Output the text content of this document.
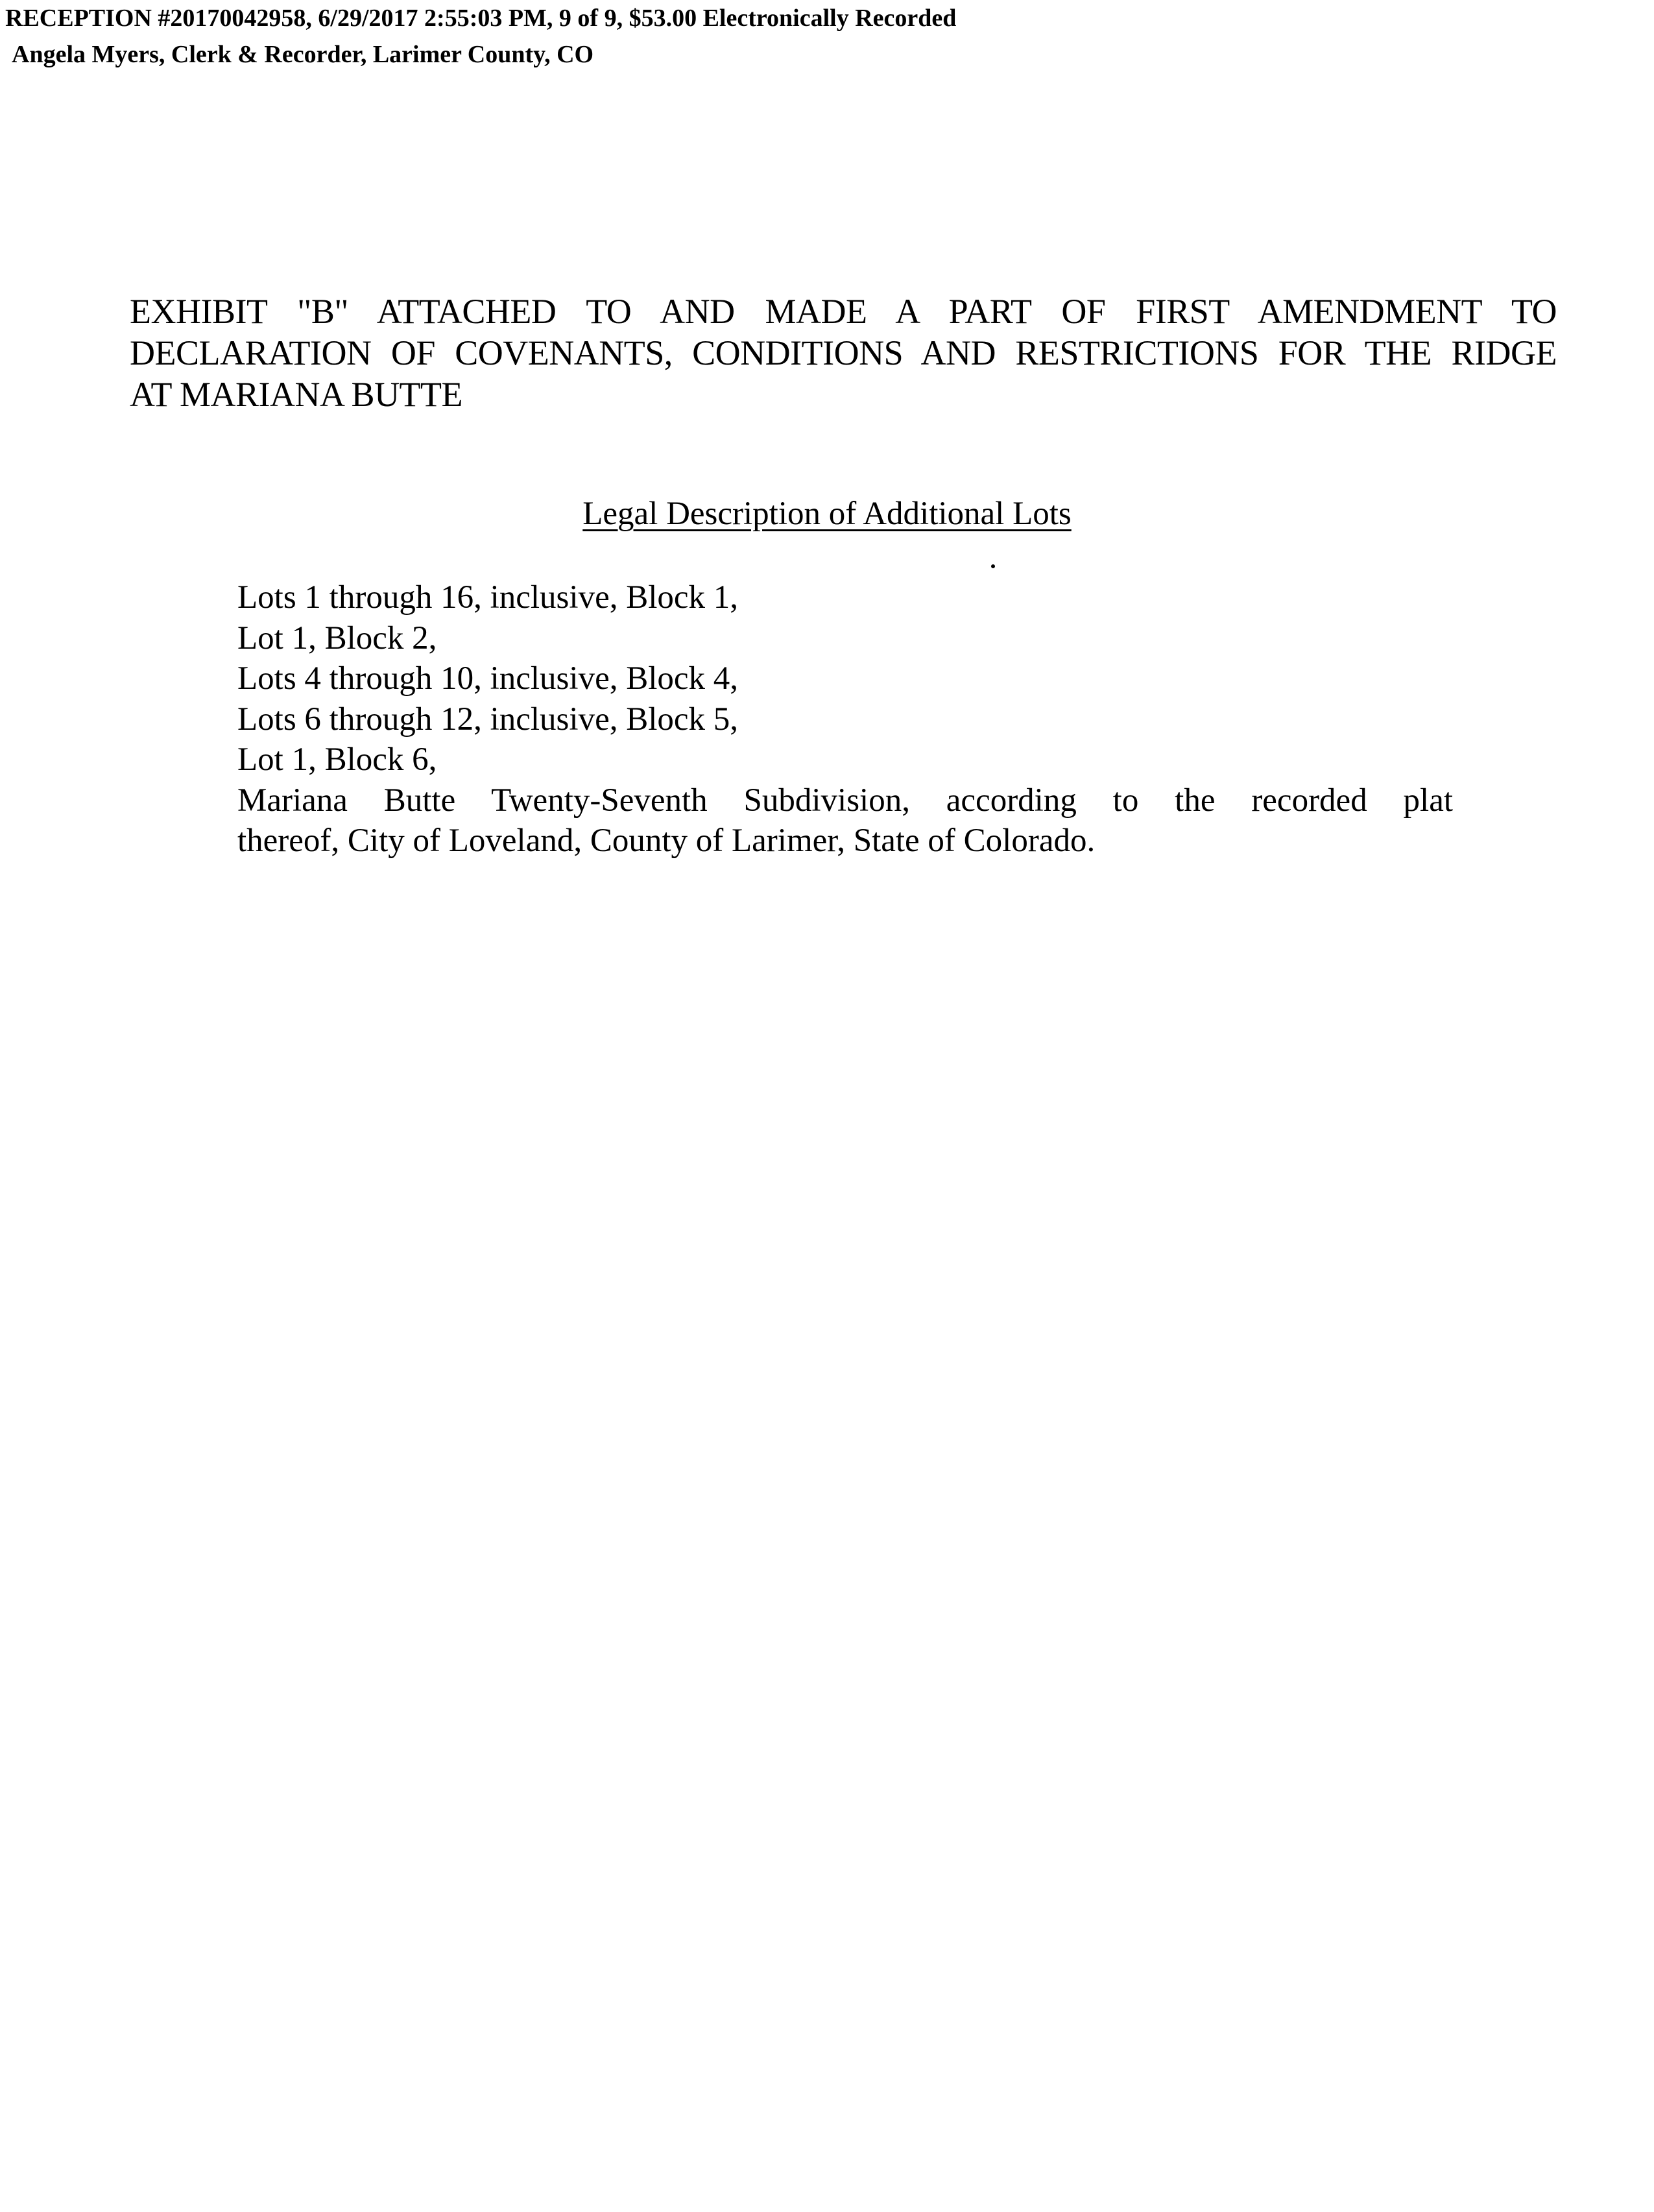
RECEPTION #20170042958, 6/29/2017 2:55:03 PM, 9 of 9, $53.00 Electronically Recorded
Angela Myers, Clerk & Recorder, Larimer County, CO
EXHIBIT "B" ATTACHED TO AND MADE A PART OF FIRST AMENDMENT TO
DECLARATION OF COVENANTS, CONDITIONS AND RESTRICTIONS FOR THE RIDGE
AT MARIANA BUTTE
Legal Description of Additional Lots
Lots 1 through 16, inclusive, Block 1,
Lot 1, Block 2,
Lots 4 through 10, inclusive, Block 4,
Lots 6 through 12, inclusive, Block 5,
Lot 1, Block 6,
Mariana Butte Twenty-Seventh Subdivision, according to the recorded plat
thereof, City of Loveland, County of Larimer, State of Colorado.
